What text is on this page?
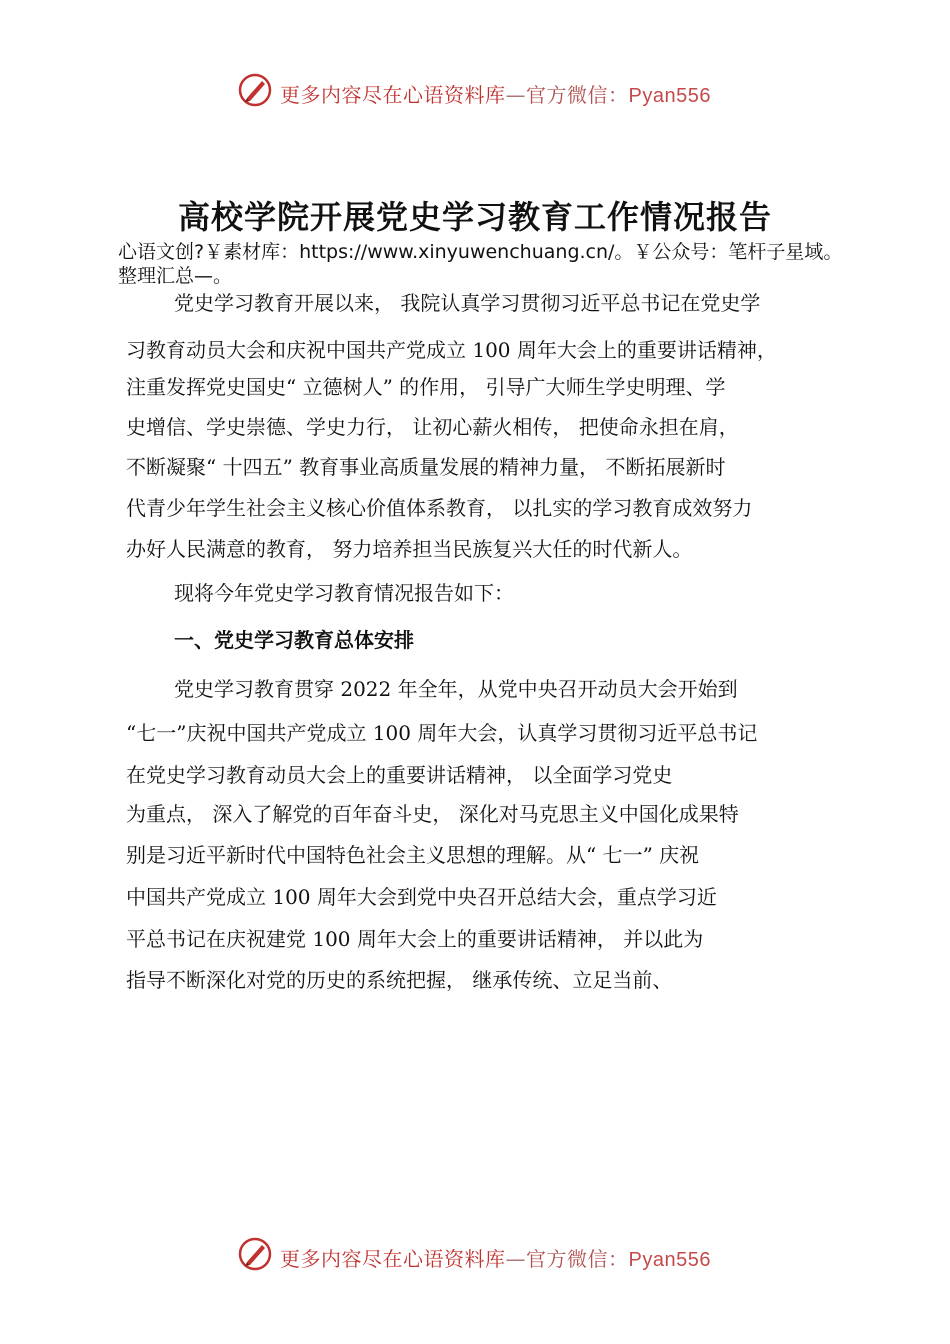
更多内容尽在心语资料库—官方微信：Pyan556
高校学院开展党史学习教育工作情况报告
心语文创?￥素材库：https://www.xinyuwenchuang.cn/。￥公众号：笔杆子星域。整理汇总—。
党史学习教育开展以来， 我院认真学习贯彻习近平总书记在党史学
习教育动员大会和庆祝中国共产党成立 100 周年大会上的重要讲话精神，
注重发挥党史国史“ 立德树人” 的作用， 引导广大师生学史明理、学
史增信、学史崇德、学史力行， 让初心薪火相传， 把使命永担在肩，
不断凝聚“ 十四五” 教育事业高质量发展的精神力量， 不断拓展新时
代青少年学生社会主义核心价值体系教育， 以扎实的学习教育成效努力
办好人民满意的教育， 努力培养担当民族复兴大任的时代新人。
现将今年党史学习教育情况报告如下：
一、党史学习教育总体安排
党史学习教育贯穿 2022 年全年，从党中央召开动员大会开始到
“七一”庆祝中国共产党成立 100 周年大会，认真学习贯彻习近平总书记
在党史学习教育动员大会上的重要讲话精神， 以全面学习党史
为重点， 深入了解党的百年奋斗史， 深化对马克思主义中国化成果特
别是习近平新时代中国特色社会主义思想的理解。从“ 七一” 庆祝
中国共产党成立 100 周年大会到党中央召开总结大会，重点学习近
平总书记在庆祝建党 100 周年大会上的重要讲话精神， 并以此为
指导不断深化对党的历史的系统把握， 继承传统、立足当前、
更多内容尽在心语资料库—官方微信：Pyan556
